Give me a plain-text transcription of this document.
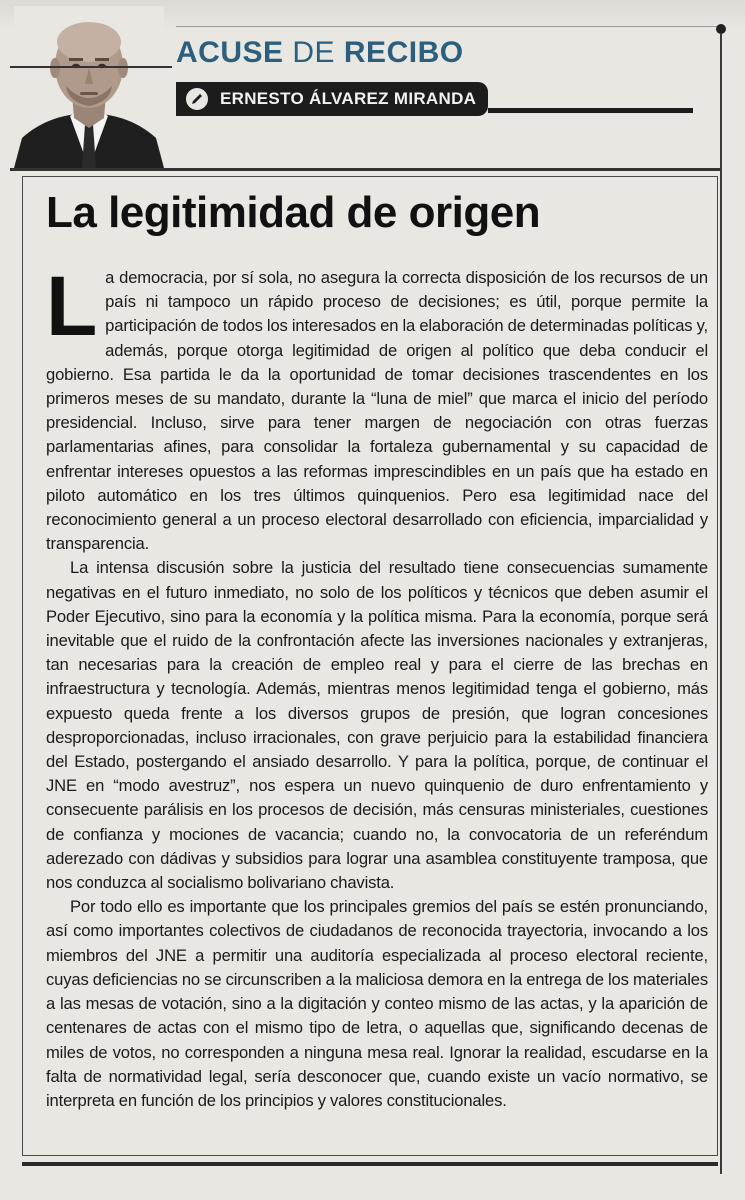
ACUSE DE RECIBO
ERNESTO ÁLVAREZ MIRANDA
La legitimidad de origen

La democracia, por sí sola, no asegura la correcta disposición de los recursos de un país ni tampoco un rápido proceso de decisiones; es útil, porque permite la participación de todos los interesados en la elaboración de determinadas políticas y, además, porque otorga legitimidad de origen al político que deba conducir el gobierno. Esa partida le da la oportunidad de tomar decisiones trascendentes en los primeros meses de su mandato, durante la “luna de miel” que marca el inicio del período presidencial. Incluso, sirve para tener margen de negociación con otras fuerzas parlamentarias afines, para consolidar la fortaleza gubernamental y su capacidad de enfrentar intereses opuestos a las reformas imprescindibles en un país que ha estado en piloto automático en los tres últimos quinquenios. Pero esa legitimidad nace del reconocimiento general a un proceso electoral desarrollado con eficiencia, imparcialidad y transparencia.

La intensa discusión sobre la justicia del resultado tiene consecuencias sumamente negativas en el futuro inmediato, no solo de los políticos y técnicos que deben asumir el Poder Ejecutivo, sino para la economía y la política misma. Para la economía, porque será inevitable que el ruido de la confrontación afecte las inversiones nacionales y extranjeras, tan necesarias para la creación de empleo real y para el cierre de las brechas en infraestructura y tecnología. Además, mientras menos legitimidad tenga el gobierno, más expuesto queda frente a los diversos grupos de presión, que logran concesiones desproporcionadas, incluso irracionales, con grave perjuicio para la estabilidad financiera del Estado, postergando el ansiado desarrollo. Y para la política, porque, de continuar el JNE en “modo avestruz”, nos espera un nuevo quinquenio de duro enfrentamiento y consecuente parálisis en los procesos de decisión, más censuras ministeriales, cuestiones de confianza y mociones de vacancia; cuando no, la convocatoria de un referéndum aderezado con dádivas y subsidios para lograr una asamblea constituyente tramposa, que nos conduzca al socialismo bolivariano chavista.

Por todo ello es importante que los principales gremios del país se estén pronunciando, así como importantes colectivos de ciudadanos de reconocida trayectoria, invocando a los miembros del JNE a permitir una auditoría especializada al proceso electoral reciente, cuyas deficiencias no se circunscriben a la maliciosa demora en la entrega de los materiales a las mesas de votación, sino a la digitación y conteo mismo de las actas, y la aparición de centenares de actas con el mismo tipo de letra, o aquellas que, significando decenas de miles de votos, no corresponden a ninguna mesa real. Ignorar la realidad, escudarse en la falta de normatividad legal, sería desconocer que, cuando existe un vacío normativo, se interpreta en función de los principios y valores constitucionales.
